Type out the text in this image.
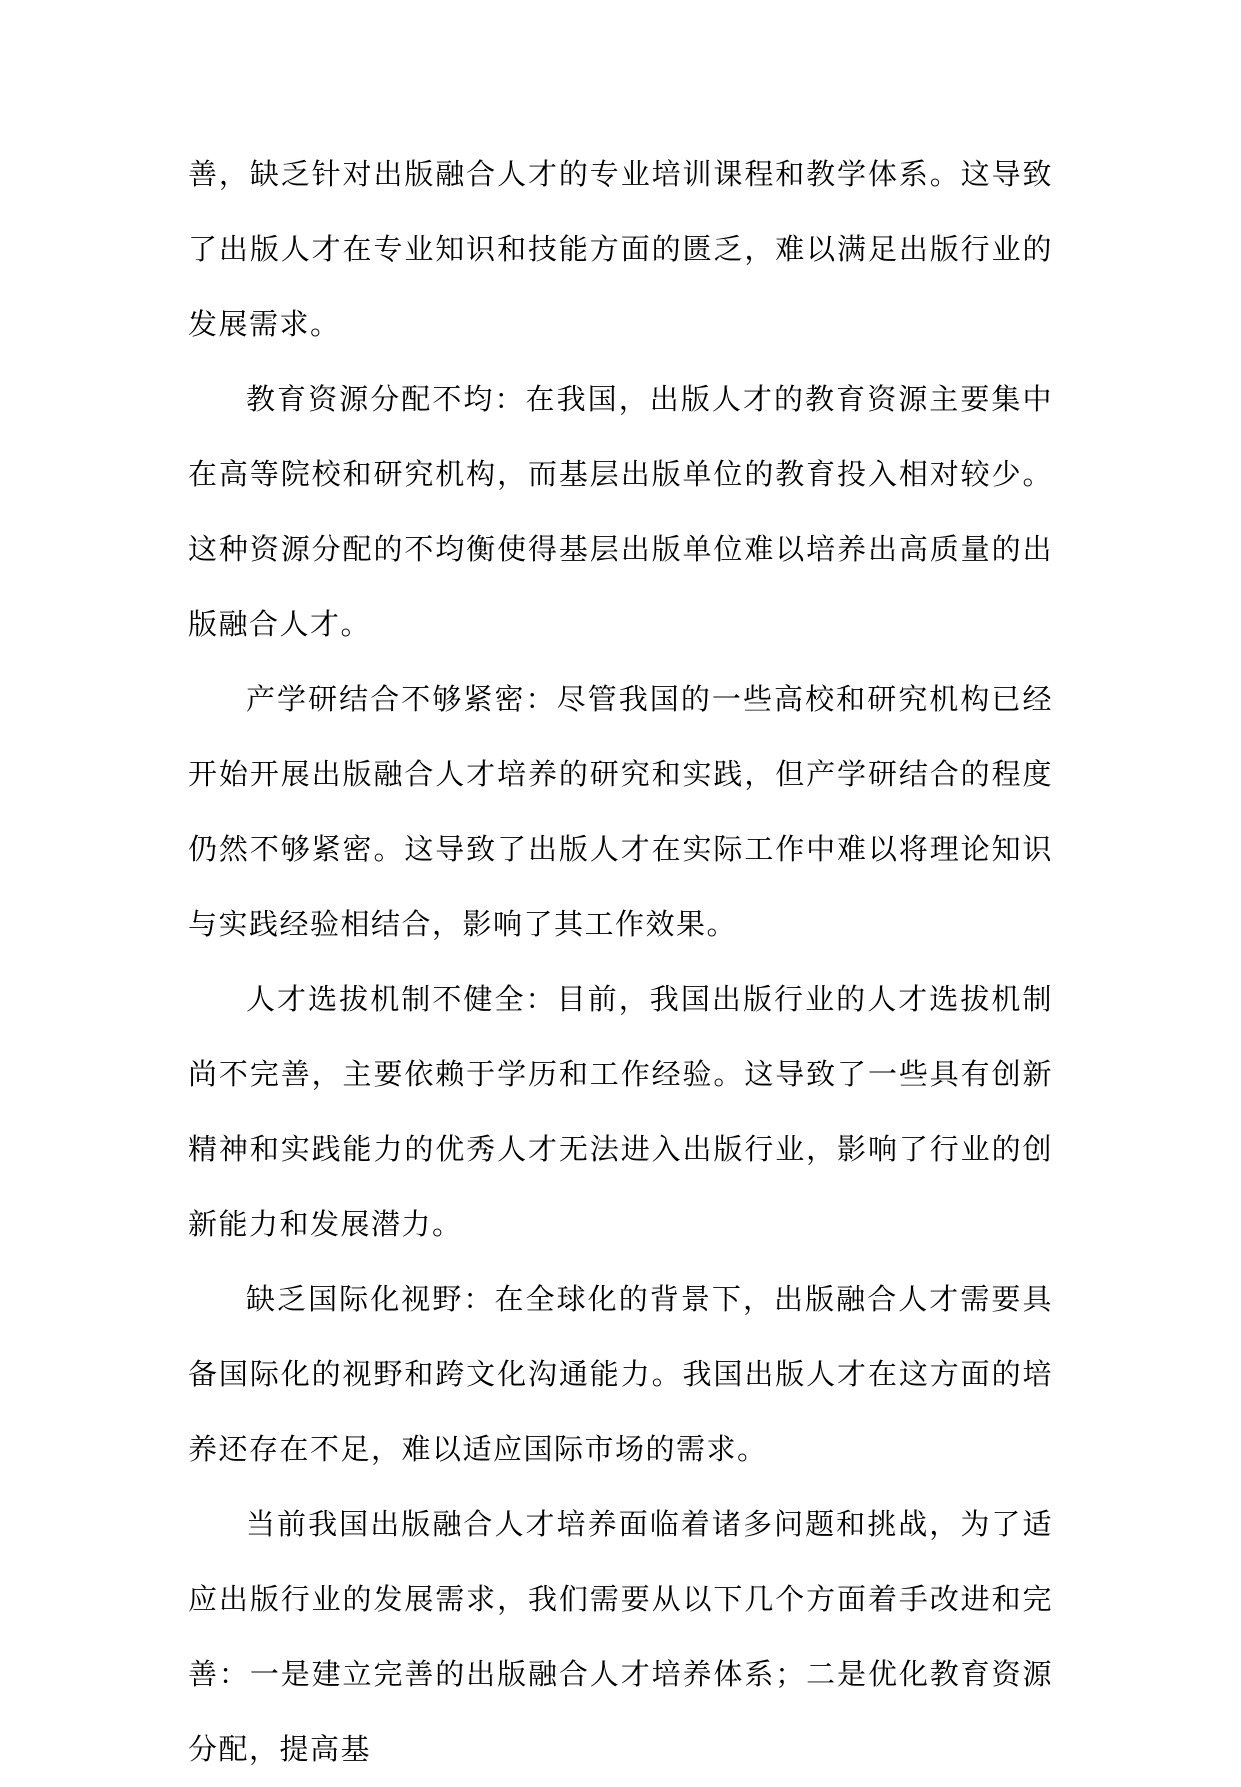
善，缺乏针对出版融合人才的专业培训课程和教学体系。这导致了出版人才在专业知识和技能方面的匮乏，难以满足出版行业的发展需求。

教育资源分配不均：在我国，出版人才的教育资源主要集中在高等院校和研究机构，而基层出版单位的教育投入相对较少。这种资源分配的不均衡使得基层出版单位难以培养出高质量的出版融合人才。

产学研结合不够紧密：尽管我国的一些高校和研究机构已经开始开展出版融合人才培养的研究和实践，但产学研结合的程度仍然不够紧密。这导致了出版人才在实际工作中难以将理论知识与实践经验相结合，影响了其工作效果。

人才选拔机制不健全：目前，我国出版行业的人才选拔机制尚不完善，主要依赖于学历和工作经验。这导致了一些具有创新精神和实践能力的优秀人才无法进入出版行业，影响了行业的创新能力和发展潜力。

缺乏国际化视野：在全球化的背景下，出版融合人才需要具备国际化的视野和跨文化沟通能力。我国出版人才在这方面的培养还存在不足，难以适应国际市场的需求。

当前我国出版融合人才培养面临着诸多问题和挑战，为了适应出版行业的发展需求，我们需要从以下几个方面着手改进和完善：一是建立完善的出版融合人才培养体系；二是优化教育资源分配，提高基
